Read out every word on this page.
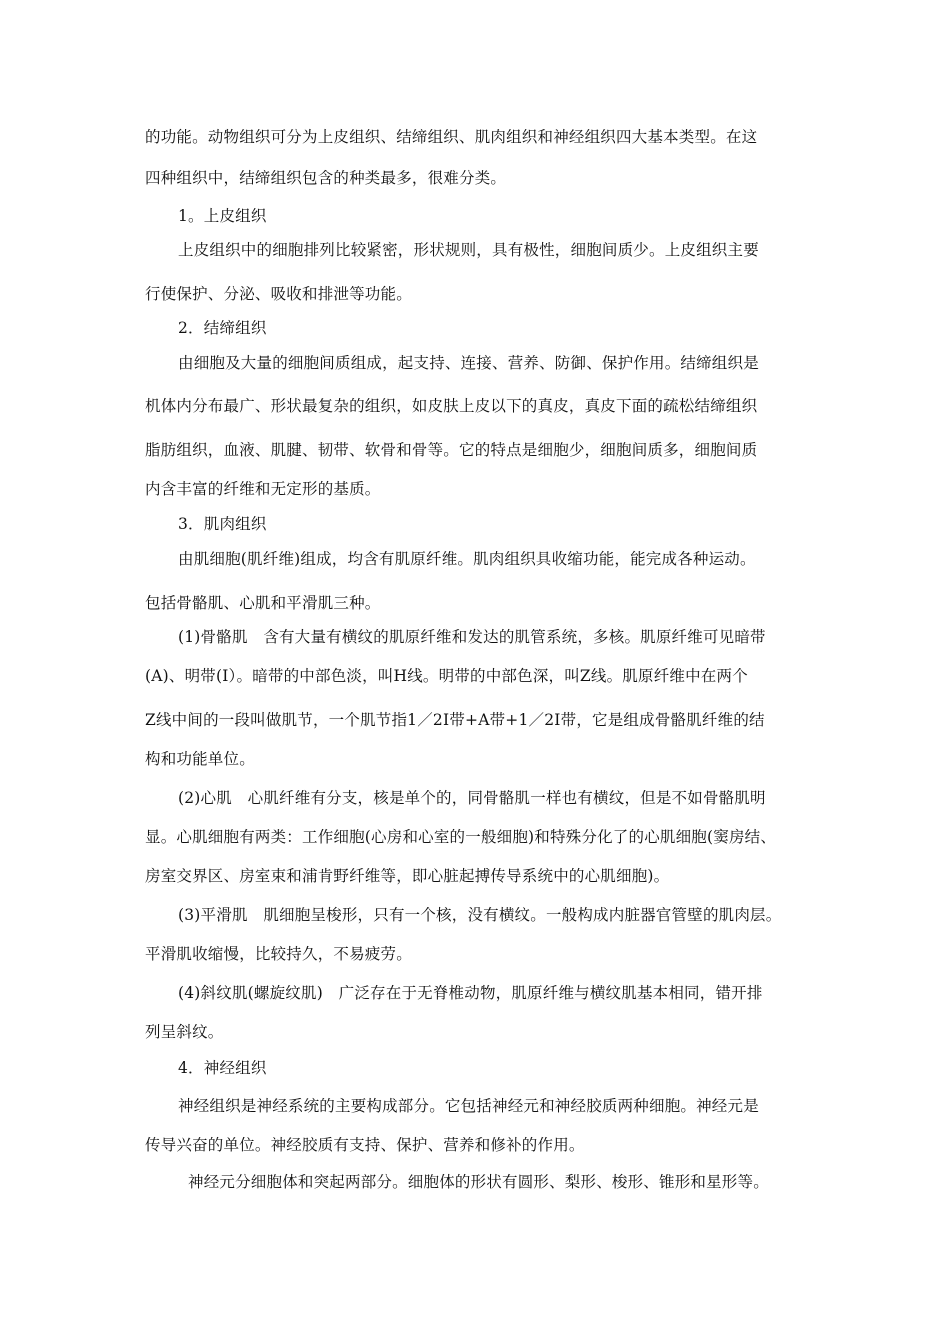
的功能。动物组织可分为上皮组织、结缔组织、肌肉组织和神经组织四大基本类型。在这
四种组织中，结缔组织包含的种类最多，很难分类。
1。上皮组织
上皮组织中的细胞排列比较紧密，形状规则，具有极性，细胞间质少。上皮组织主要
行使保护、分泌、吸收和排泄等功能。
2．结缔组织
由细胞及大量的细胞间质组成，起支持、连接、营养、防御、保护作用。结缔组织是
机体内分布最广、形状最复杂的组织，如皮肤上皮以下的真皮，真皮下面的疏松结缔组织
脂肪组织，血液、肌腱、韧带、软骨和骨等。它的特点是细胞少，细胞间质多，细胞间质
内含丰富的纤维和无定形的基质。
3．肌肉组织
由肌细胞(肌纤维)组成，均含有肌原纤维。肌肉组织具收缩功能，能完成各种运动。
包括骨骼肌、心肌和平滑肌三种。
(1)骨骼肌　含有大量有横纹的肌原纤维和发达的肌管系统，多核。肌原纤维可见暗带
(A)、明带(I）。暗带的中部色淡，叫H线。明带的中部色深，叫Z线。肌原纤维中在两个
Z线中间的一段叫做肌节，一个肌节指1／2I带+A带+1／2I带，它是组成骨骼肌纤维的结
构和功能单位。
(2)心肌　心肌纤维有分支，核是单个的，同骨骼肌一样也有横纹，但是不如骨骼肌明
显。心肌细胞有两类：工作细胞(心房和心室的一般细胞)和特殊分化了的心肌细胞(窦房结、
房室交界区、房室束和浦肯野纤维等，即心脏起搏传导系统中的心肌细胞)。
(3)平滑肌　肌细胞呈梭形，只有一个核，没有横纹。一般构成内脏器官管壁的肌肉层。
平滑肌收缩慢，比较持久，不易疲劳。
(4)斜纹肌(螺旋纹肌)　广泛存在于无脊椎动物，肌原纤维与横纹肌基本相同，错开排
列呈斜纹。
4．神经组织
神经组织是神经系统的主要构成部分。它包括神经元和神经胶质两种细胞。神经元是
传导兴奋的单位。神经胶质有支持、保护、营养和修补的作用。
神经元分细胞体和突起两部分。细胞体的形状有圆形、梨形、梭形、锥形和星形等。
